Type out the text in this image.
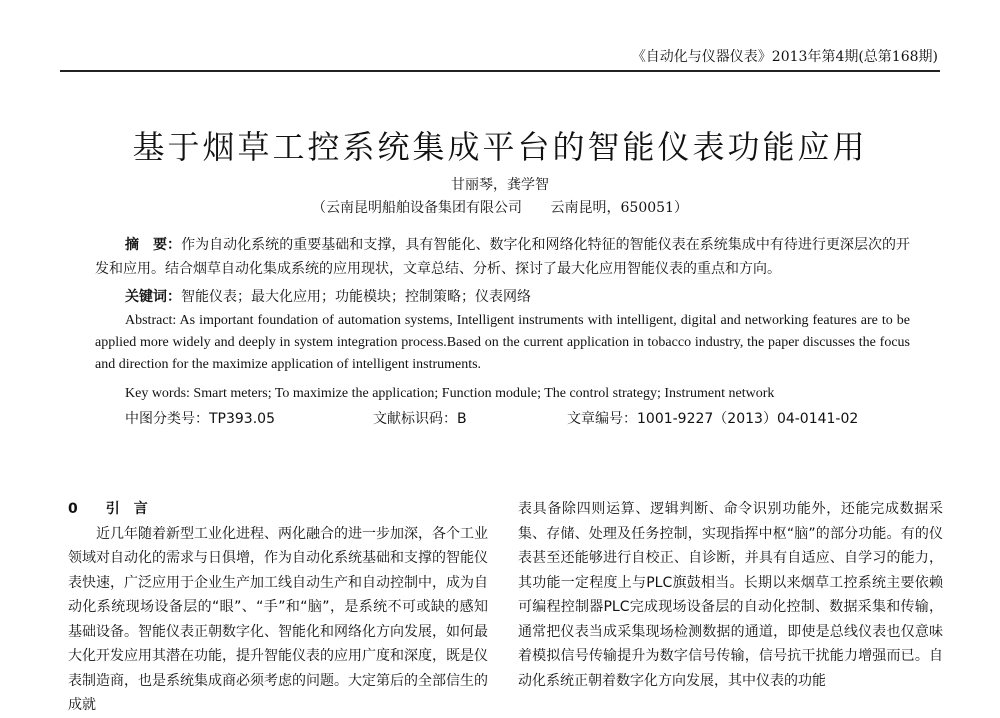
《自动化与仪器仪表》2013年第4期(总第168期)
基于烟草工控系统集成平台的智能仪表功能应用
甘丽琴，龚学智
（云南昆明船舶设备集团有限公司 云南昆明，650051）
摘　要：作为自动化系统的重要基础和支撑，具有智能化、数字化和网络化特征的智能仪表在系统集成中有待进行更深层次的开发和应用。结合烟草自动化集成系统的应用现状，文章总结、分析、探讨了最大化应用智能仪表的重点和方向。
关键词：智能仪表；最大化应用；功能模块；控制策略；仪表网络
Abstract: As important foundation of automation systems, Intelligent instruments with intelligent, digital and networking features are to be applied more widely and deeply in system integration process.Based on the current application in tobacco industry, the paper discusses the focus and direction for the maximize application of intelligent instruments.
Key words: Smart meters; To maximize the application; Function module; The control strategy; Instrument network
中图分类号：TP393.05	文献标识码：B	文章编号：1001-9227（2013）04-0141-02
0 引　言

近几年随着新型工业化进程、两化融合的进一步加深，各个工业领域对自动化的需求与日俱增，作为自动化系统基础和支撑的智能仪表快速，广泛应用于企业生产加工线自动生产和自动控制中，成为自动化系统现场设备层的“眼”、“手”和“脑”，是系统不可或缺的感知基础设备。智能仪表正朝数字化、智能化和网络化方向发展，如何最大化开发应用其潜在功能，提升智能仪表的应用广度和深度，既是仪表制造商，也是系统集成商必须考虑的问题。大定第后的全部信生的成就

表具备除四则运算、逻辑判断、命令识别功能外，还能完成数据采集、存储、处理及任务控制，实现指挥中枢“脑”的部分功能。有的仪表甚至还能够进行自校正、自诊断，并具有自适应、自学习的能力，其功能一定程度上与PLC旗鼓相当。长期以来烟草工控系统主要依赖可编程控制器PLC完成现场设备层的自动化控制、数据采集和传输，通常把仪表当成采集现场检测数据的通道，即使是总线仪表也仅意味着模拟信号传输提升为数字信号传输，信号抗干扰能力增强而已。自动化系统正朝着数字化方向发展，其中仪表的功能
